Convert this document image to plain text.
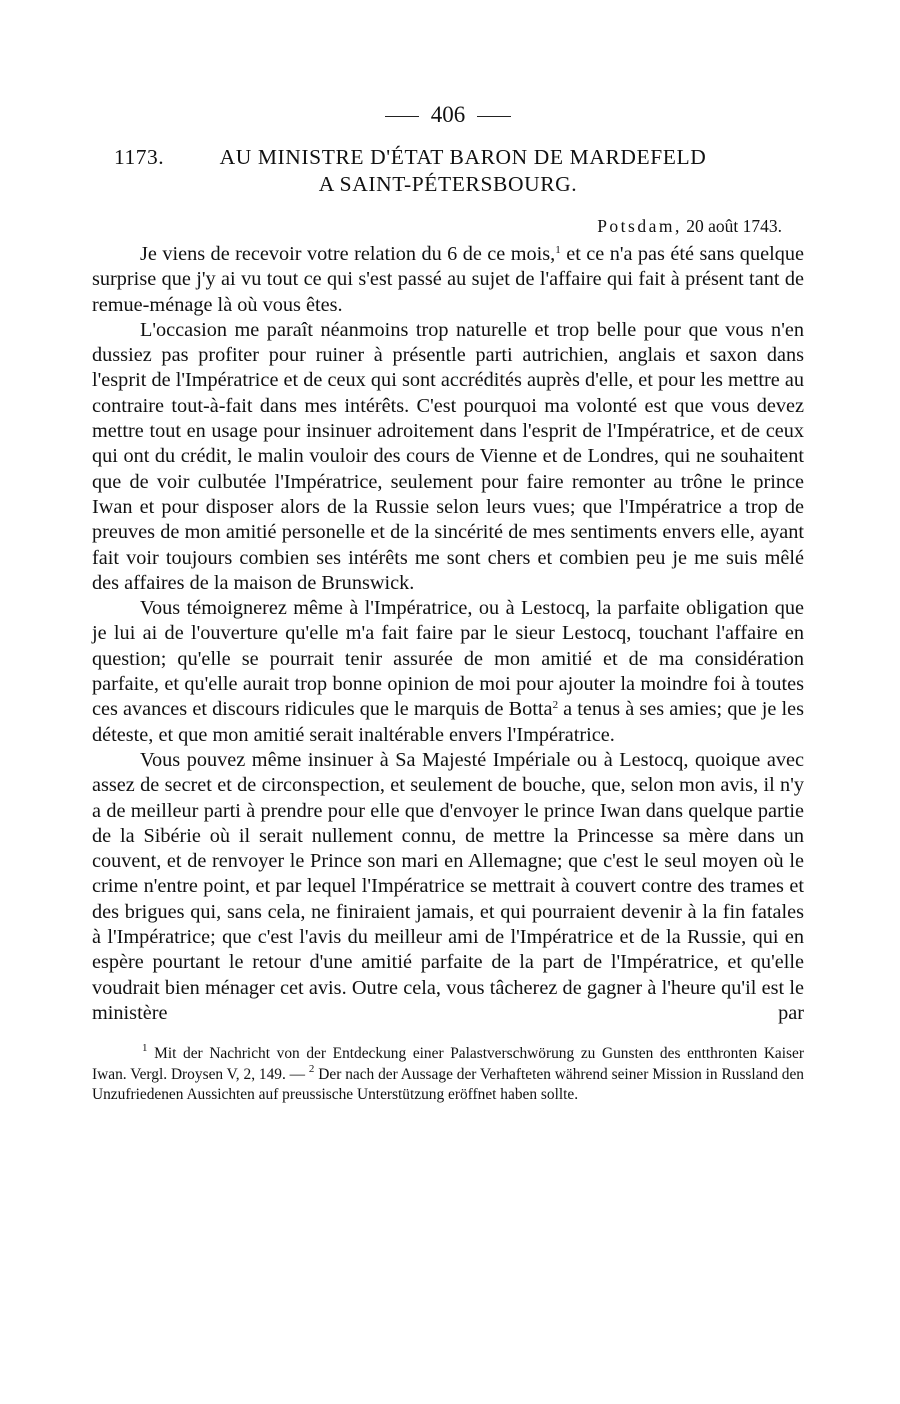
406
1173.	AU MINISTRE D'ÉTAT BARON DE MARDEFELD
A SAINT-PÉTERSBOURG.
Potsdam, 20 août 1743.

Je viens de recevoir votre relation du 6 de ce mois,$^1$ et ce n'a pas été sans quelque surprise que j'y ai vu tout ce qui s'est passé au sujet de l'affaire qui fait à présent tant de remue-ménage là où vous êtes.

L'occasion me paraît néanmoins trop naturelle et trop belle pour que vous n'en dussiez pas profiter pour ruiner à présentle parti autrichien, anglais et saxon dans l'esprit de l'Impératrice et de ceux qui sont accrédités auprès d'elle, et pour les mettre au contraire tout-à-fait dans mes intérêts. C'est pourquoi ma volonté est que vous devez mettre tout en usage pour insinuer adroitement dans l'esprit de l'Impératrice, et de ceux qui ont du crédit, le malin vouloir des cours de Vienne et de Londres, qui ne souhaitent que de voir culbutée l'Impératrice, seulement pour faire remonter au trône le prince Iwan et pour disposer alors de la Russie selon leurs vues; que l'Impératrice a trop de preuves de mon amitié personelle et de la sincérité de mes sentiments envers elle, ayant fait voir toujours combien ses intérêts me sont chers et combien peu je me suis mêlé des affaires de la maison de Brunswick.

Vous témoignerez même à l'Impératrice, ou à Lestocq, la parfaite obligation que je lui ai de l'ouverture qu'elle m'a fait faire par le sieur Lestocq, touchant l'affaire en question; qu'elle se pourrait tenir assurée de mon amitié et de ma considération parfaite, et qu'elle aurait trop bonne opinion de moi pour ajouter la moindre foi à toutes ces avances et discours ridicules que le marquis de Botta$^2$ a tenus à ses amies; que je les déteste, et que mon amitié serait inaltérable envers l'Impératrice.

Vous pouvez même insinuer à Sa Majesté Impériale ou à Lestocq, quoique avec assez de secret et de circonspection, et seulement de bouche, que, selon mon avis, il n'y a de meilleur parti à prendre pour elle que d'envoyer le prince Iwan dans quelque partie de la Sibérie où il serait nullement connu, de mettre la Princesse sa mère dans un couvent, et de renvoyer le Prince son mari en Allemagne; que c'est le seul moyen où le crime n'entre point, et par lequel l'Impératrice se mettrait à couvert contre des trames et des brigues qui, sans cela, ne finiraient jamais, et qui pourraient devenir à la fin fatales à l'Impératrice; que c'est l'avis du meilleur ami de l'Impératrice et de la Russie, qui en espère pourtant le retour d'une amitié parfaite de la part de l'Impératrice, et qu'elle voudrait bien ménager cet avis. Outre cela, vous tâcherez de gagner à l'heure qu'il est le ministère par

$^1$ Mit der Nachricht von der Entdeckung einer Palastverschwörung zu Gunsten des entthronten Kaiser Iwan. Vergl. Droysen V, 2, 149. — $^2$ Der nach der Aussage der Verhafteten während seiner Mission in Russland den Unzufriedenen Aussichten auf preussische Unterstützung eröffnet haben sollte.
